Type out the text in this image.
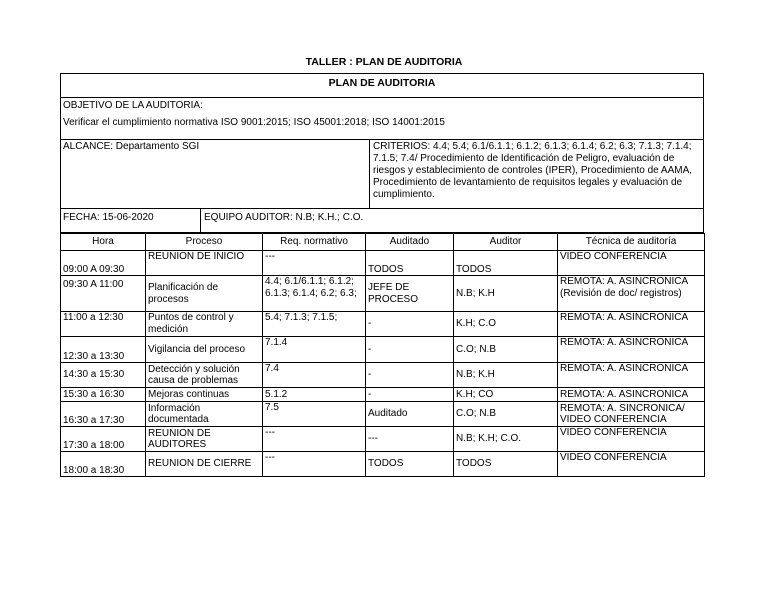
TALLER : PLAN DE AUDITORIA
PLAN DE AUDITORIA
OBJETIVO DE LA AUDITORIA:
Verificar el cumplimiento normativa ISO 9001:2015; ISO 45001:2018; ISO 14001:2015
ALCANCE: Departamento SGI	CRITERIOS: 4.4; 5.4; 6.1/6.1.1; 6.1.2; 6.1.3; 6.1.4; 6.2; 6.3; 7.1.3; 7.1.4; 7.1.5; 7.4/ Procedimiento de Identificación de Peligro, evaluación de riesgos y establecimiento de controles (IPER), Procedimiento de AAMA, Procedimiento de levantamiento de requisitos legales y evaluación de cumplimiento.
FECHA: 15-06-2020	EQUIPO AUDITOR: N.B; K.H.; C.O.
Hora	Proceso	Req. normativo	Auditado	Auditor	Técnica de auditoría
09:00 A 09:30	REUNION DE INICIO	---	TODOS	TODOS	VIDEO CONFERENCIA
09:30 A 11:00	Planificación de procesos	4.4; 6.1/6.1.1; 6.1.2; 6.1.3; 6.1.4; 6.2; 6.3;	JEFE DE PROCESO	N.B; K.H	REMOTA: A. ASINCRONICA (Revisión de doc/ registros)
11:00 a 12:30	Puntos de control y medición	5.4; 7.1.3; 7.1.5;	-	K.H; C.O	REMOTA: A. ASINCRONICA
12:30 a 13:30	Vigilancia del proceso	7.1.4	-	C.O; N.B	REMOTA: A. ASINCRONICA
14:30 a 15:30	Detección y solución causa de problemas	7.4	-	N.B; K.H	REMOTA: A. ASINCRONICA
15:30 a 16:30	Mejoras continuas	5.1.2	-	K.H; CO	REMOTA: A. ASINCRONICA
16:30 a 17:30	Información documentada	7.5	Auditado	C.O; N.B	REMOTA: A. SINCRONICA/ VIDEO CONFERENCIA
17:30 a 18:00	REUNION DE AUDITORES	---	---	N.B; K.H; C.O.	VIDEO CONFERENCIA
18:00 a 18:30	REUNION DE CIERRE	---	TODOS	TODOS	VIDEO CONFERENCIA
